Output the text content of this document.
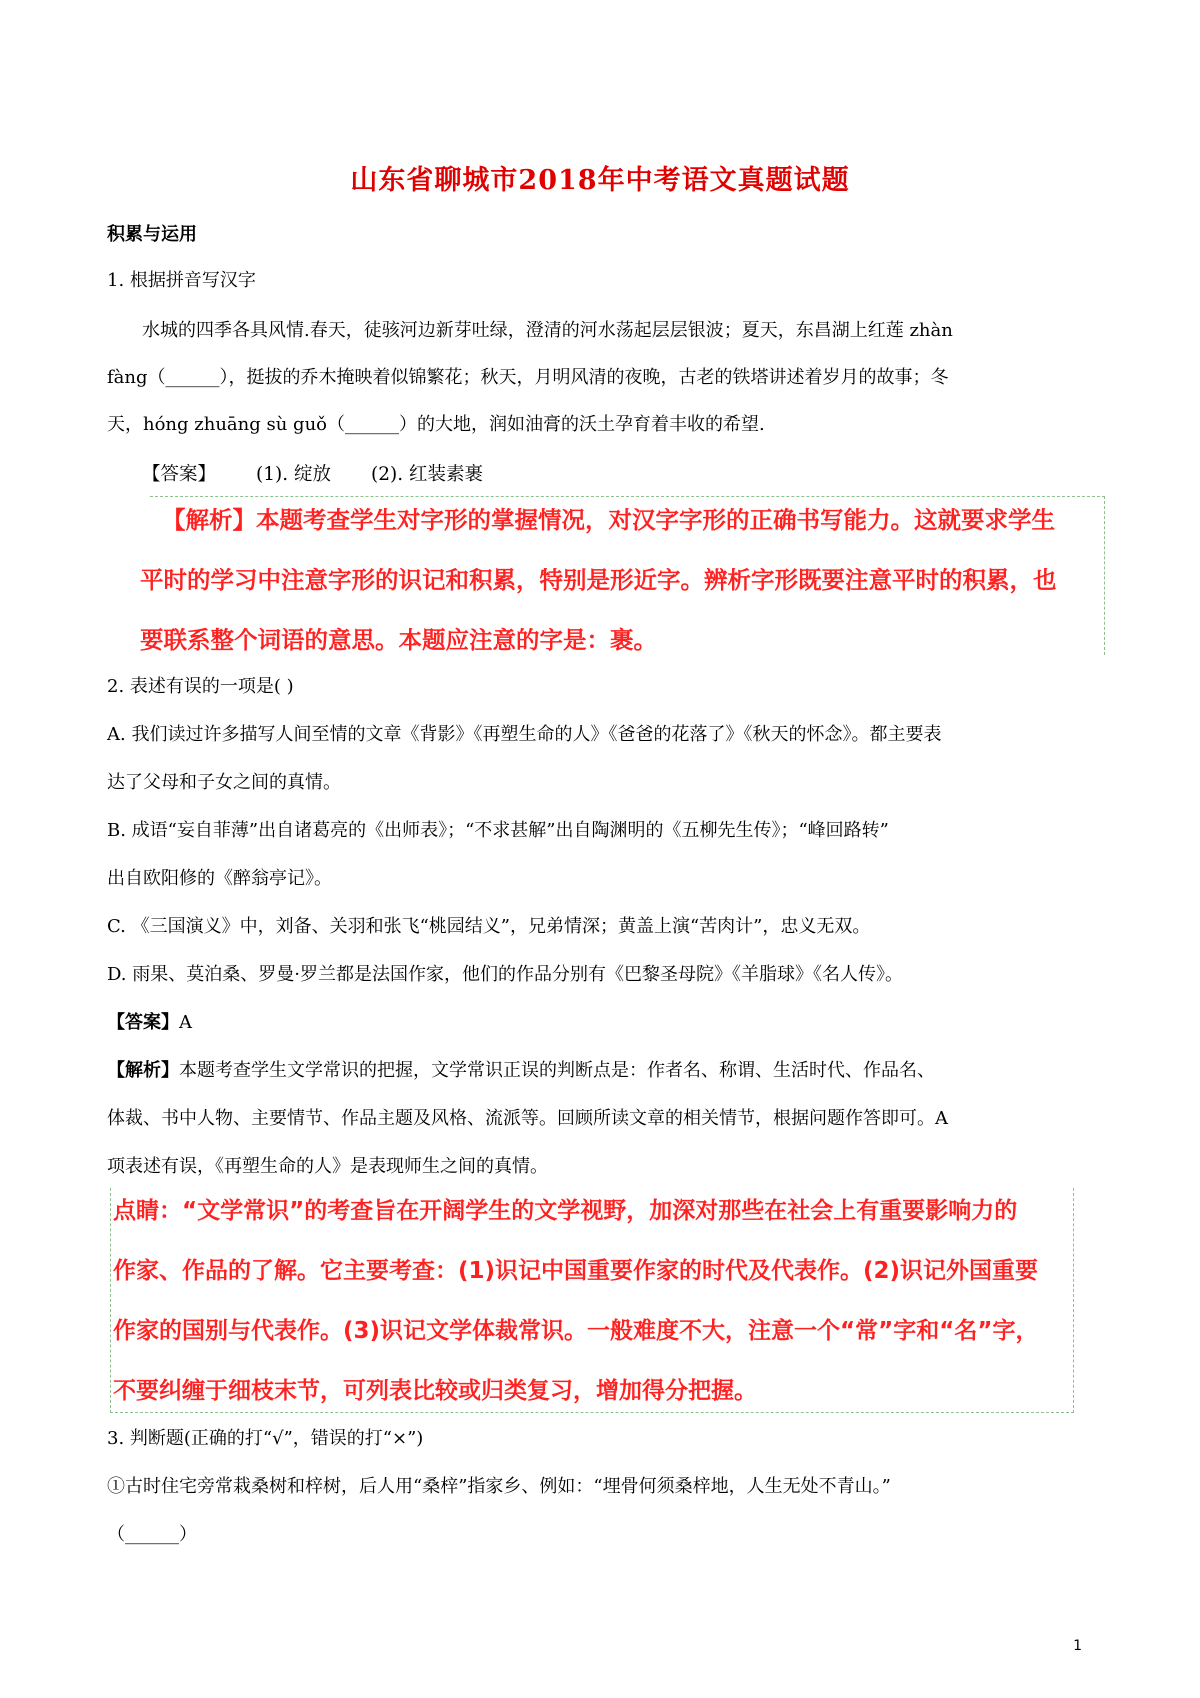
山东省聊城市2018年中考语文真题试题
积累与运用
1. 根据拼音写汉字
水城的四季各具风情.春天，徒骇河边新芽吐绿，澄清的河水荡起层层银波；夏天，东昌湖上红莲 zhàn
fàng（______），挺拔的乔木掩映着似锦繁花；秋天，月明风清的夜晚，古老的铁塔讲述着岁月的故事；冬
天，hóng zhuāng sù guǒ（______）的大地，润如油膏的沃土孕育着丰收的希望.
【答案】 (1). 绽放 (2). 红装素裹
【解析】本题考查学生对字形的掌握情况，对汉字字形的正确书写能力。这就要求学生
平时的学习中注意字形的识记和积累，特别是形近字。辨析字形既要注意平时的积累，也
要联系整个词语的意思。本题应注意的字是：裹。
2. 表述有误的一项是( )
A. 我们读过许多描写人间至情的文章《背影》《再塑生命的人》《爸爸的花落了》《秋天的怀念》。都主要表
达了父母和子女之间的真情。
B. 成语“妄自菲薄”出自诸葛亮的《出师表》；“不求甚解”出自陶渊明的《五柳先生传》；“峰回路转”
出自欧阳修的《醉翁亭记》。
C. 《三国演义》中，刘备、关羽和张飞“桃园结义”，兄弟情深；黄盖上演“苦肉计”，忠义无双。
D. 雨果、莫泊桑、罗曼·罗兰都是法国作家，他们的作品分别有《巴黎圣母院》《羊脂球》《名人传》。
【答案】A
【解析】本题考查学生文学常识的把握，文学常识正误的判断点是：作者名、称谓、生活时代、作品名、
体裁、书中人物、主要情节、作品主题及风格、流派等。回顾所读文章的相关情节，根据问题作答即可。A
项表述有误，《再塑生命的人》是表现师生之间的真情。
点睛：“文学常识”的考查旨在开阔学生的文学视野，加深对那些在社会上有重要影响力的
作家、作品的了解。它主要考查：(1)识记中国重要作家的时代及代表作。(2)识记外国重要
作家的国别与代表作。(3)识记文学体裁常识。一般难度不大，注意一个“常”字和“名”字，
不要纠缠于细枝末节，可列表比较或归类复习，增加得分把握。
3. 判断题(正确的打“√”，错误的打“×”)
①古时住宅旁常栽桑树和梓树，后人用“桑梓”指家乡、例如：“埋骨何须桑梓地，人生无处不青山。”
（______）
1
